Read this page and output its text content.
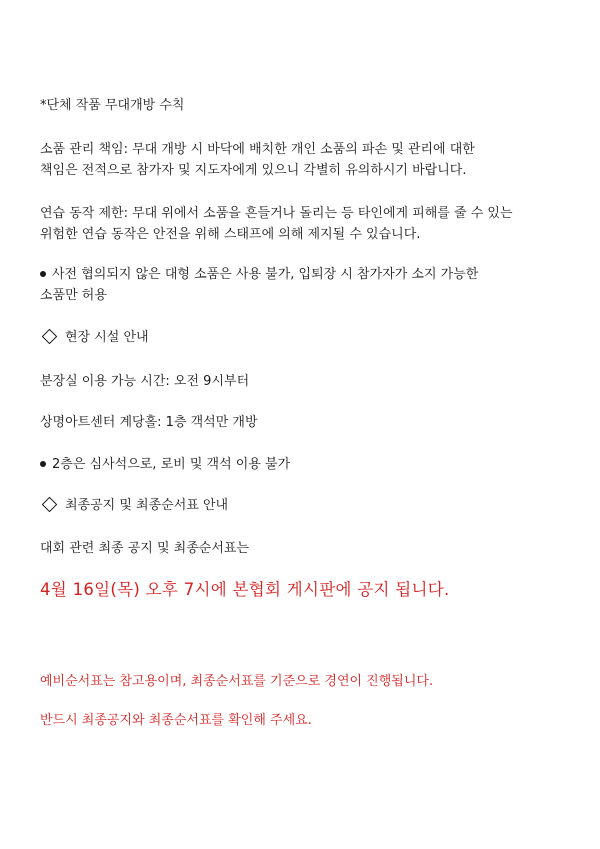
*단체 작품 무대개방 수칙
소품 관리 책임: 무대 개방 시 바닥에 배치한 개인 소품의 파손 및 관리에 대한
책임은 전적으로 참가자 및 지도자에게 있으니 각별히 유의하시기 바랍니다.
연습 동작 제한: 무대 위에서 소품을 흔들거나 돌리는 등 타인에게 피해를 줄 수 있는
위험한 연습 동작은 안전을 위해 스태프에 의해 제지될 수 있습니다.
사전 협의되지 않은 대형 소품은 사용 불가, 입퇴장 시 참가자가 소지 가능한
소품만 허용
현장 시설 안내
분장실 이용 가능 시간: 오전 9시부터
상명아트센터 계당홀: 1층 객석만 개방
2층은 심사석으로, 로비 및 객석 이용 불가
최종공지 및 최종순서표 안내
대회 관련 최종 공지 및 최종순서표는
4월 16일(목) 오후 7시에 본협회 게시판에 공지 됩니다.
예비순서표는 참고용이며, 최종순서표를 기준으로 경연이 진행됩니다.
반드시 최종공지와 최종순서표를 확인해 주세요.
